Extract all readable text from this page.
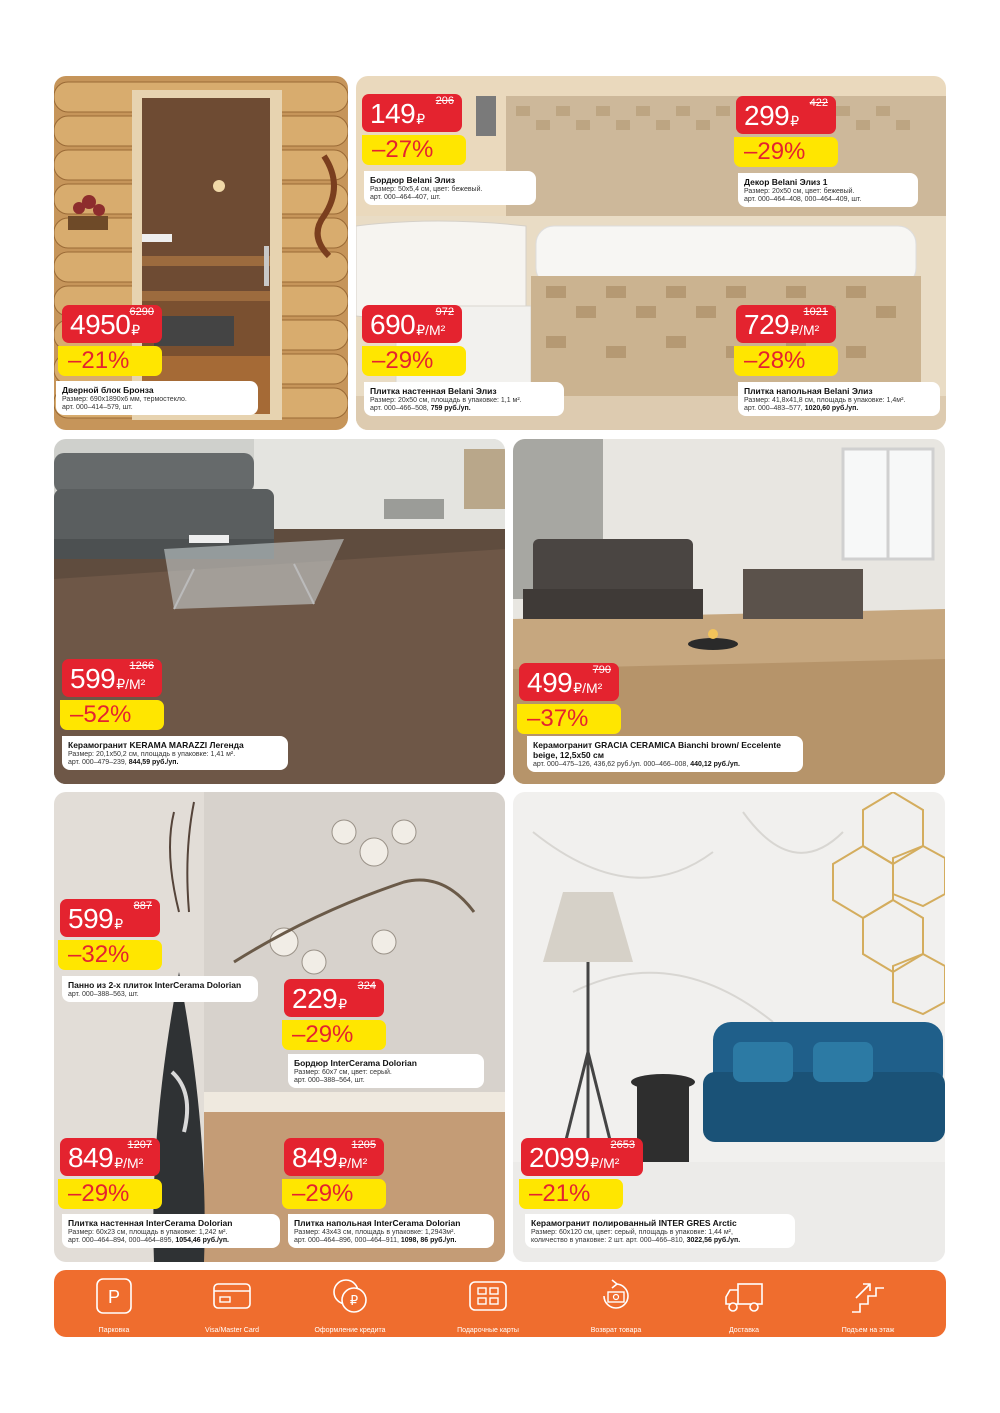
4950 ₽
6290
–21%
Дверной блок Бронза
Размер: 690х1890х6 мм, термостекло.
арт. 000–414–579, шт.
149 ₽
206
–27%
Бордюр Belani Элиз
Размер: 50х5,4 см, цвет: бежевый.
арт. 000–464–407, шт.
299 ₽
422
–29%
Декор Belani Элиз 1
Размер: 20х50 см, цвет: бежевый.
арт. 000–464–408, 000–464–409, шт.
690 ₽/М²
972
–29%
Плитка настенная Belani Элиз
Размер: 20х50 см, площадь в упаковке: 1,1 м².
арт. 000–466–508, 759 руб./уп.
729 ₽/М²
1021
–28%
Плитка напольная Belani Элиз
Размер: 41,8х41,8 см, площадь в упаковке: 1,4м².
арт. 000–483–577, 1020,60 руб./уп.
599 ₽/М²
1266
–52%
Керамогранит KERAMA MARAZZI Легенда
Размер: 20,1х50,2 см, площадь в упаковке: 1,41 м².
арт. 000–479–239, 844,59 руб./уп.
499 ₽/М²
790
–37%
Керамогранит GRACIA CERAMICA Bianchi brown/ Eccelente beige, 12,5х50 см
арт. 000–475–126, 436,62 руб./уп. 000–466–008, 440,12 руб./уп.
599 ₽
887
–32%
Панно из 2-х плиток InterCerama Dolorian
арт. 000–388–563, шт.	229 ₽
324
–29%
Бордюр InterCerama Dolorian
Размер: 60х7 см, цвет: серый.
арт. 000–388–564, шт.
849 ₽/М²
1207
–29%
Плитка настенная InterCerama Dolorian
Размер: 60х23 см, площадь в упаковке: 1,242 м².
арт. 000–464–894, 000–464–895, 1054,46 руб./уп.
849 ₽/М²
1205
–29%
Плитка напольная InterCerama Dolorian
Размер: 43х43 см, площадь в упаковке: 1,2943м².
арт. 000–464–896, 000–464–911, 1098, 86 руб./уп.
2099 ₽/М²
2653
–21%
Керамогранит полированный INTER GRES Arctic
Размер: 60х120 см, цвет: серый, площадь в упаковке: 1,44 м²,
количество в упаковке: 2 шт. арт. 000–466–810, 3022,56 руб./уп.
P
Парковка	Visa/Master Card
₽
Оформление кредита	Подарочные карты	Возврат товара	Доставка	Подъем на этаж
